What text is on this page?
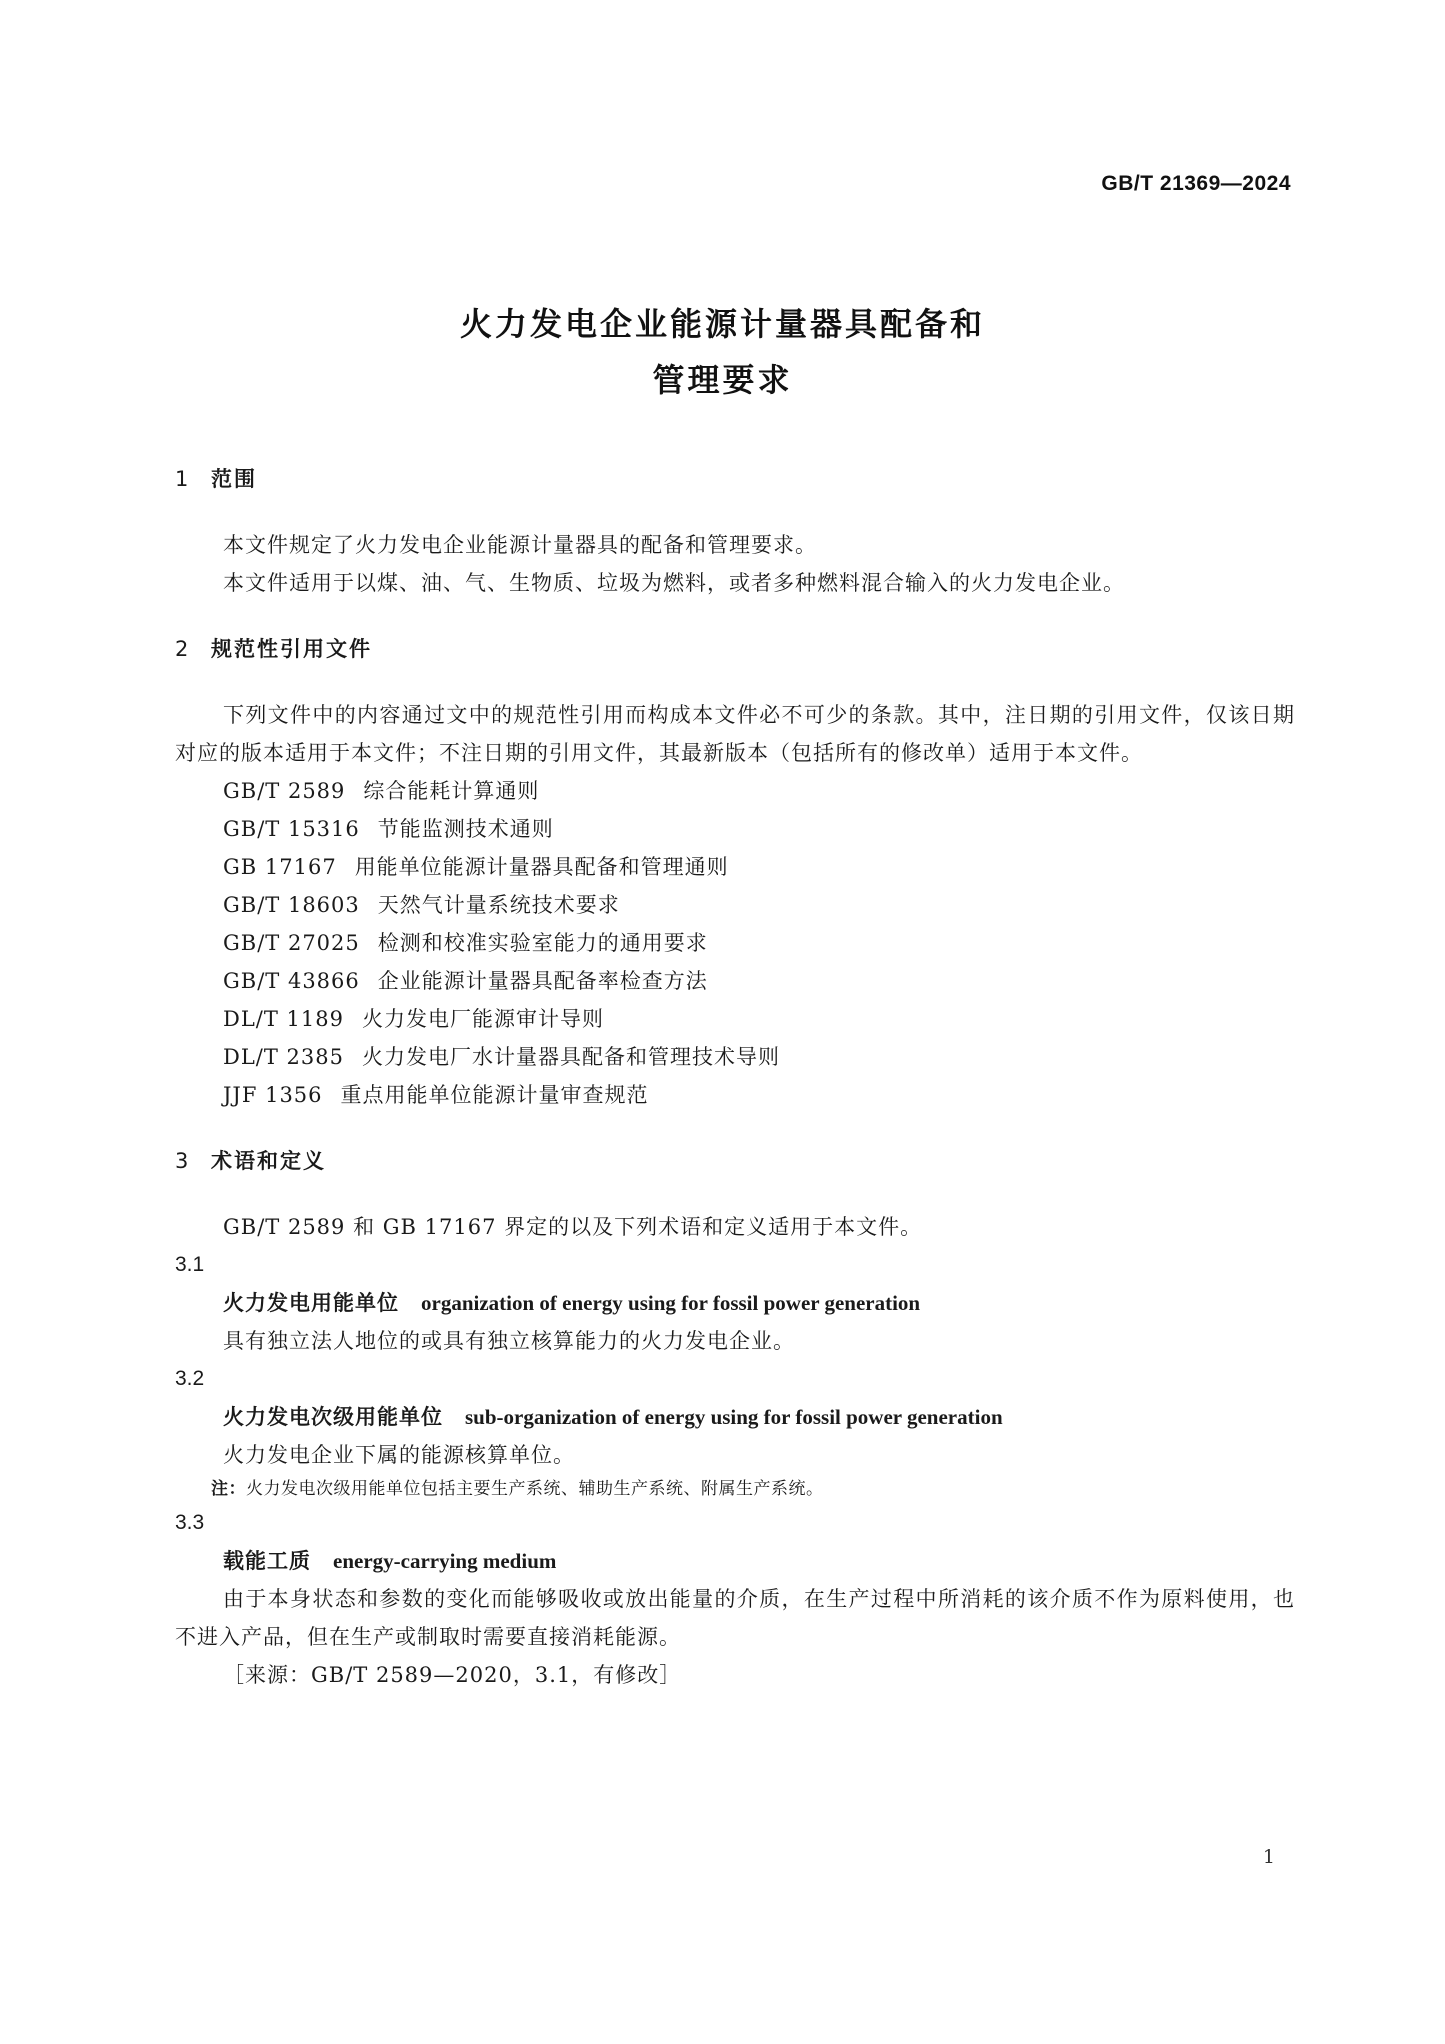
GB/T 21369—2024
火力发电企业能源计量器具配备和
管理要求
1 范围
本文件规定了火力发电企业能源计量器具的配备和管理要求。
本文件适用于以煤、油、气、生物质、垃圾为燃料，或者多种燃料混合输入的火力发电企业。
2 规范性引用文件
下列文件中的内容通过文中的规范性引用而构成本文件必不可少的条款。其中，注日期的引用文件，仅该日期对应的版本适用于本文件；不注日期的引用文件，其最新版本（包括所有的修改单）适用于本文件。
GB/T 2589 综合能耗计算通则
GB/T 15316 节能监测技术通则
GB 17167 用能单位能源计量器具配备和管理通则
GB/T 18603 天然气计量系统技术要求
GB/T 27025 检测和校准实验室能力的通用要求
GB/T 43866 企业能源计量器具配备率检查方法
DL/T 1189 火力发电厂能源审计导则
DL/T 2385 火力发电厂水计量器具配备和管理技术导则
JJF 1356 重点用能单位能源计量审查规范
3 术语和定义
GB/T 2589 和 GB 17167 界定的以及下列术语和定义适用于本文件。
3.1
火力发电用能单位 organization of energy using for fossil power generation
具有独立法人地位的或具有独立核算能力的火力发电企业。
3.2
火力发电次级用能单位 sub-organization of energy using for fossil power generation
火力发电企业下属的能源核算单位。
注：火力发电次级用能单位包括主要生产系统、辅助生产系统、附属生产系统。
3.3
载能工质 energy-carrying medium
由于本身状态和参数的变化而能够吸收或放出能量的介质，在生产过程中所消耗的该介质不作为原料使用，也不进入产品，但在生产或制取时需要直接消耗能源。
［来源：GB/T 2589—2020，3.1，有修改］
1
